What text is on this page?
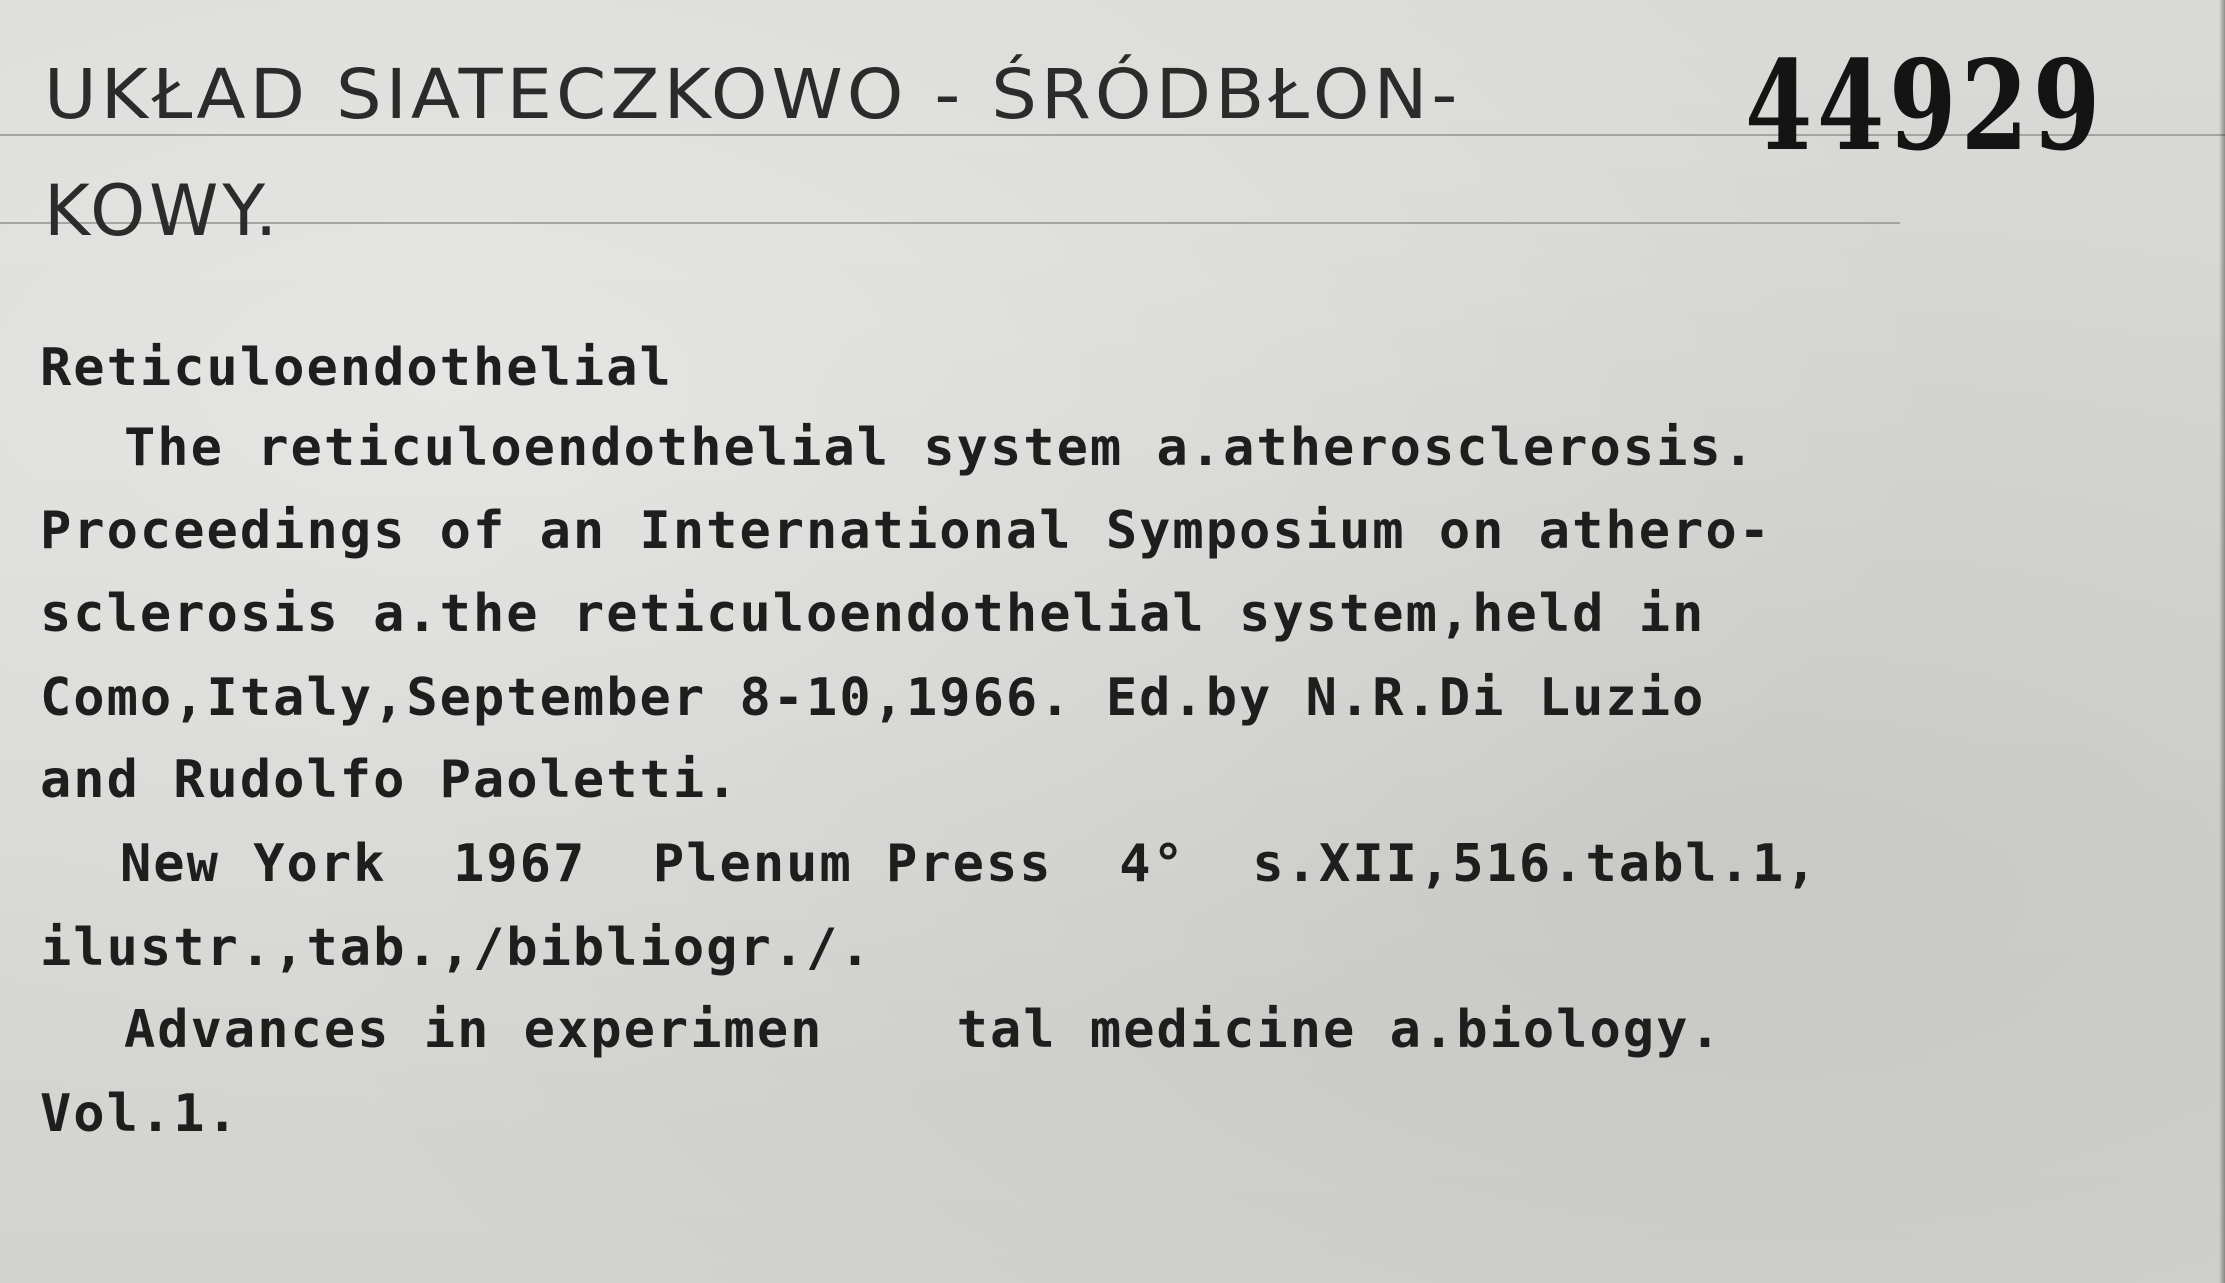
UKŁAD SIATECZKOWO - ŚRÓDBŁON-
KOWY.
44929
Reticuloendothelial
The reticuloendothelial system a.atherosclerosis.
Proceedings of an International Symposium on athero-
sclerosis a.the reticuloendothelial system,held in
Como,Italy,September 8-10,1966. Ed.by N.R.Di Luzio
and Rudolfo Paoletti.
New York  1967  Plenum Press  4°  s.XII,516.tabl.1,
ilustr.,tab.,/bibliogr./.
Advances in experimen    tal medicine a.biology.
Vol.1.
